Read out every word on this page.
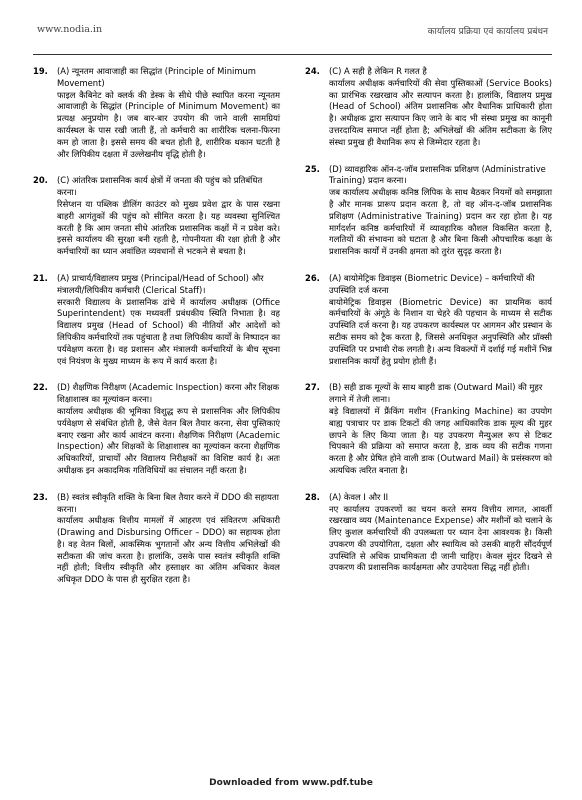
www.nodia.in	कार्यालय प्रक्रिया एवं कार्यालय प्रबंधन
19.	(A) न्यूनतम आवाजाही का सिद्धांत (Principle of Minimum Movement)
फाइल कैबिनेट को क्लर्क की डेस्क के सीधे पीछे स्थापित करना न्यूनतम आवाजाही के सिद्धांत (Principle of Minimum Movement) का प्रत्यक्ष अनुप्रयोग है। जब बार-बार उपयोग की जाने वाली सामग्रियां कार्यस्थल के पास रखी जाती हैं, तो कर्मचारी का शारीरिक चलना-फिरना कम हो जाता है। इससे समय की बचत होती है, शारीरिक थकान घटती है और लिपिकीय दक्षता में उल्लेखनीय वृद्धि होती है।
20.	(C) आंतरिक प्रशासनिक कार्य क्षेत्रों में जनता की पहुंच को प्रतिबंधित करना।
रिसेप्शन या पब्लिक डीलिंग काउंटर को मुख्य प्रवेश द्वार के पास रखना बाहरी आगंतुकों की पहुंच को सीमित करता है। यह व्यवस्था सुनिश्चित करती है कि आम जनता सीधे आंतरिक प्रशासनिक कक्षों में न प्रवेश करे। इससे कार्यालय की सुरक्षा बनी रहती है, गोपनीयता की रक्षा होती है और कर्मचारियों का ध्यान अवांछित व्यवधानों से भटकने से बचता है।
21.	(A) प्राचार्य/विद्यालय प्रमुख (Principal/Head of School) और मंत्रालयी/लिपिकीय कर्मचारी (Clerical Staff)।
सरकारी विद्यालय के प्रशासनिक ढांचे में कार्यालय अधीक्षक (Office Superintendent) एक मध्यवर्ती प्रबंधकीय स्थिति निभाता है। वह विद्यालय प्रमुख (Head of School) की नीतियों और आदेशों को लिपिकीय कर्मचारियों तक पहुंचाता है तथा लिपिकीय कार्यों के निष्पादन का पर्यवेक्षण करता है। वह प्रशासन और मंत्रालयी कर्मचारियों के बीच सूचना एवं नियंत्रण के मुख्य माध्यम के रूप में कार्य करता है।
22.	(D) शैक्षणिक निरीक्षण (Academic Inspection) करना और शिक्षक शिक्षाशास्त्र का मूल्यांकन करना।
कार्यालय अधीक्षक की भूमिका विशुद्ध रूप से प्रशासनिक और लिपिकीय पर्यवेक्षण से संबंधित होती है, जैसे वेतन बिल तैयार करना, सेवा पुस्तिकाएं बनाए रखना और कार्य आवंटन करना। शैक्षणिक निरीक्षण (Academic Inspection) और शिक्षकों के शिक्षाशास्त्र का मूल्यांकन करना शैक्षणिक अधिकारियों, प्राचार्यों और विद्यालय निरीक्षकों का विशिष्ट कार्य है। अतः अधीक्षक इन अकादमिक गतिविधियों का संचालन नहीं करता है।
23.	(B) स्वतंत्र स्वीकृति शक्ति के बिना बिल तैयार करने में DDO की सहायता करना।
कार्यालय अधीक्षक वित्तीय मामलों में आहरण एवं संवितरण अधिकारी (Drawing and Disbursing Officer – DDO) का सहायक होता है। वह वेतन बिलों, आकस्मिक भुगतानों और अन्य वित्तीय अभिलेखों की सटीकता की जांच करता है। हालांकि, उसके पास स्वतंत्र स्वीकृति शक्ति नहीं होती; वित्तीय स्वीकृति और हस्ताक्षर का अंतिम अधिकार केवल अधिकृत DDO के पास ही सुरक्षित रहता है।
24.	(C) A सही है लेकिन R गलत है
कार्यालय अधीक्षक कर्मचारियों की सेवा पुस्तिकाओं (Service Books) का प्रारंभिक रखरखाव और सत्यापन करता है। हालांकि, विद्यालय प्रमुख (Head of School) अंतिम प्रशासनिक और वैधानिक प्राधिकारी होता है। अधीक्षक द्वारा सत्यापन किए जाने के बाद भी संस्था प्रमुख का कानूनी उत्तरदायित्व समाप्त नहीं होता है; अभिलेखों की अंतिम सटीकता के लिए संस्था प्रमुख ही वैधानिक रूप से जिम्मेदार रहता है।
25.	(D) व्यावहारिक ऑन-द-जॉब प्रशासनिक प्रशिक्षण (Administrative Training) प्रदान करना।
जब कार्यालय अधीक्षक कनिष्ठ लिपिक के साथ बैठकर नियमों को समझाता है और मानक प्रारूप प्रदान करता है, तो वह ऑन-द-जॉब प्रशासनिक प्रशिक्षण (Administrative Training) प्रदान कर रहा होता है। यह मार्गदर्शन कनिष्ठ कर्मचारियों में व्यावहारिक कौशल विकसित करता है, गलतियों की संभावना को घटाता है और बिना किसी औपचारिक कक्षा के प्रशासनिक कार्यों में उनकी क्षमता को तुरंत सुदृढ़ करता है।
26.	(A) बायोमेट्रिक डिवाइस (Biometric Device) – कर्मचारियों की उपस्थिति दर्ज करना
बायोमेट्रिक डिवाइस (Biometric Device) का प्राथमिक कार्य कर्मचारियों के अंगूठे के निशान या चेहरे की पहचान के माध्यम से सटीक उपस्थिति दर्ज करना है। यह उपकरण कार्यस्थल पर आगमन और प्रस्थान के सटीक समय को ट्रैक करता है, जिससे अनधिकृत अनुपस्थिति और प्रॉक्सी उपस्थिति पर प्रभावी रोक लगती है। अन्य विकल्पों में दर्शाई गई मशीनें भिन्न प्रशासनिक कार्यों हेतु प्रयोग होती हैं।
27.	(B) सही डाक मूल्यों के साथ बाहरी डाक (Outward Mail) की मुहर लगाने में तेजी लाना।
बड़े विद्यालयों में फ्रैंकिंग मशीन (Franking Machine) का उपयोग बाह्य पत्राचार पर डाक टिकटों की जगह आधिकारिक डाक मूल्य की मुहर छापने के लिए किया जाता है। यह उपकरण मैन्युअल रूप से टिकट चिपकाने की प्रक्रिया को समाप्त करता है, डाक व्यय की सटीक गणना करता है और प्रेषित होने वाली डाक (Outward Mail) के प्रसंस्करण को अत्यधिक त्वरित बनाता है।
28.	(A) केवल I और II
नए कार्यालय उपकरणों का चयन करते समय वित्तीय लागत, आवर्ती रखरखाव व्यय (Maintenance Expense) और मशीनों को चलाने के लिए कुशल कर्मचारियों की उपलब्धता पर ध्यान देना आवश्यक है। किसी उपकरण की उपयोगिता, दक्षता और स्थायित्व को उसकी बाहरी सौंदर्यपूर्ण उपस्थिति से अधिक प्राथमिकता दी जानी चाहिए। केवल सुंदर दिखने से उपकरण की प्रशासनिक कार्यक्षमता और उपादेयता सिद्ध नहीं होती।
Downloaded from www.pdf.tube
